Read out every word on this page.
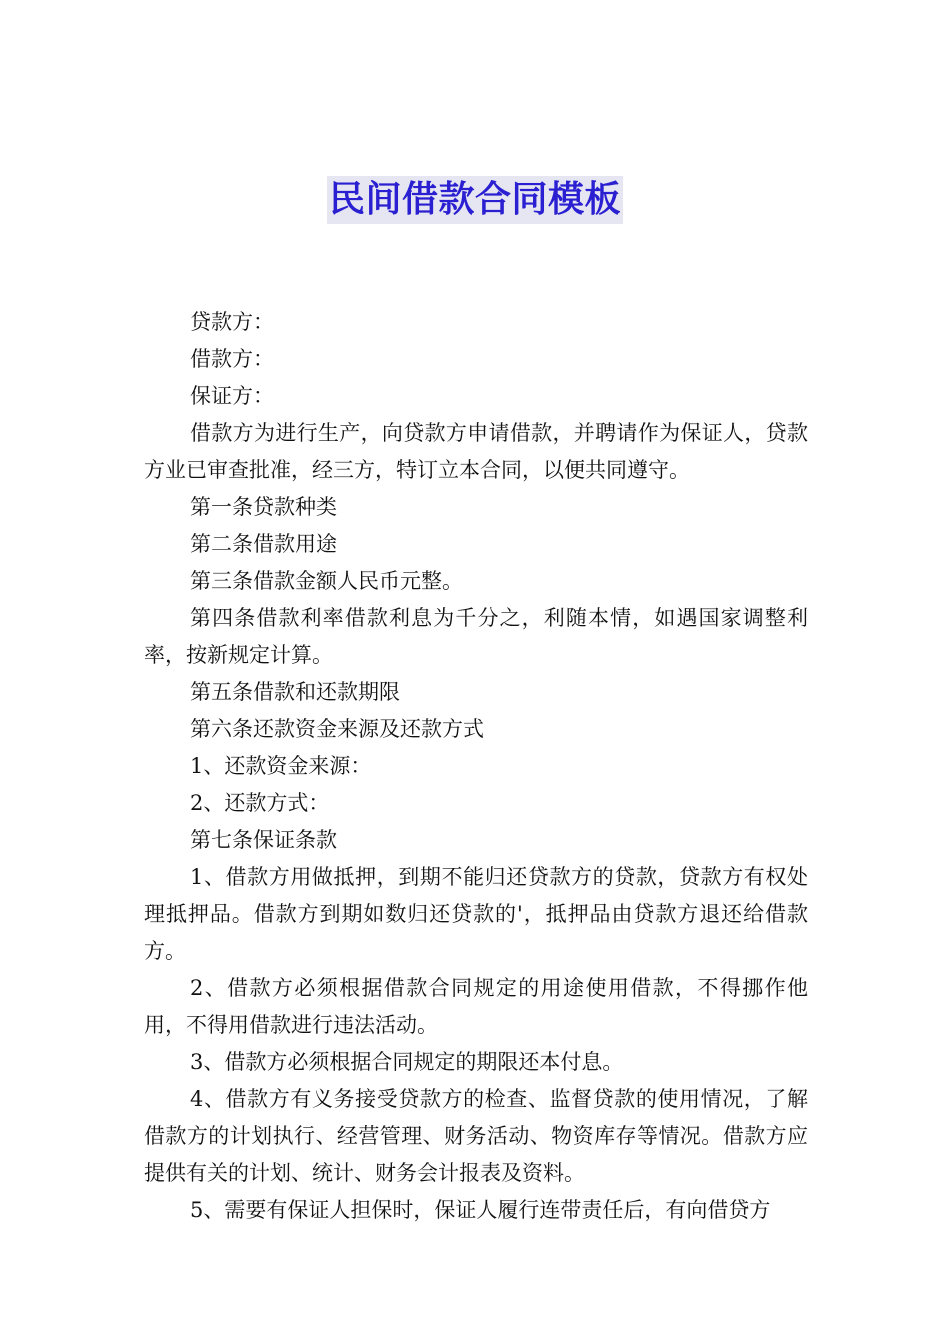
民间借款合同模板

贷款方：

借款方：

保证方：

借款方为进行生产，向贷款方申请借款，并聘请作为保证人，贷款方业已审查批准，经三方，特订立本合同，以便共同遵守。

第一条贷款种类

第二条借款用途

第三条借款金额人民币元整。

第四条借款利率借款利息为千分之，利随本情，如遇国家调整利率，按新规定计算。

第五条借款和还款期限

第六条还款资金来源及还款方式

1、还款资金来源：

2、还款方式：

第七条保证条款

1、借款方用做抵押，到期不能归还贷款方的贷款，贷款方有权处理抵押品。借款方到期如数归还贷款的'，抵押品由贷款方退还给借款方。

2、借款方必须根据借款合同规定的用途使用借款，不得挪作他用，不得用借款进行违法活动。

3、借款方必须根据合同规定的期限还本付息。

4、借款方有义务接受贷款方的检查、监督贷款的使用情况，了解借款方的计划执行、经营管理、财务活动、物资库存等情况。借款方应提供有关的计划、统计、财务会计报表及资料。

5、需要有保证人担保时，保证人履行连带责任后，有向借贷方
